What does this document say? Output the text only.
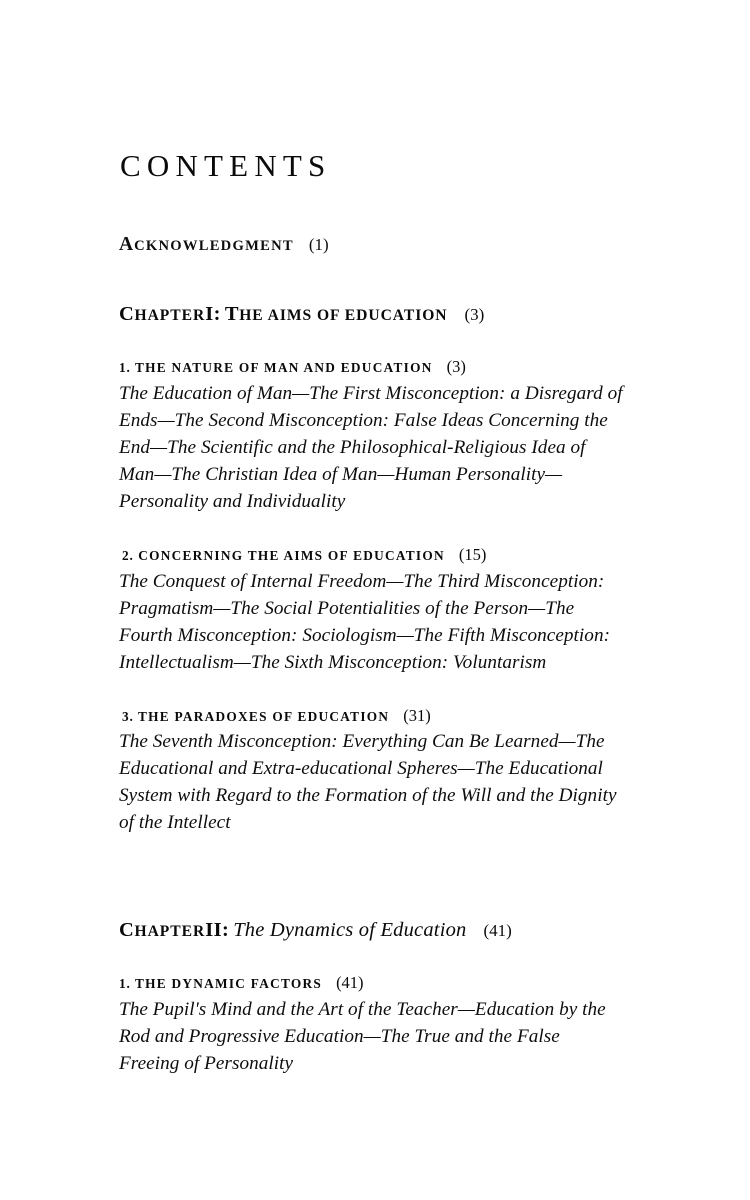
CONTENTS
ACKNOWLEDGMENT (1)
CHAPTERI: THE AIMS OF EDUCATION (3)
1. THE NATURE OF MAN AND EDUCATION (3)
The Education of Man—The First Misconception: a Disregard of Ends—The Second Misconception: False Ideas Concerning the End—The Scientific and the Philosophical-Religious Idea of Man—The Christian Idea of Man—Human Personality—Personality and Individuality
2. CONCERNING THE AIMS OF EDUCATION (15)
The Conquest of Internal Freedom—The Third Misconception: Pragmatism—The Social Potentialities of the Person—The Fourth Misconception: Sociologism—The Fifth Misconception: Intellectualism—The Sixth Misconception: Voluntarism
3. THE PARADOXES OF EDUCATION (31)
The Seventh Misconception: Everything Can Be Learned—The Educational and Extra-educational Spheres—The Educational System with Regard to the Formation of the Will and the Dignity of the Intellect
CHAPTERII: The Dynamics of Education (41)
1. THE DYNAMIC FACTORS (41)
The Pupil's Mind and the Art of the Teacher—Education by the Rod and Progressive Education—The True and the False Freeing of Personality
